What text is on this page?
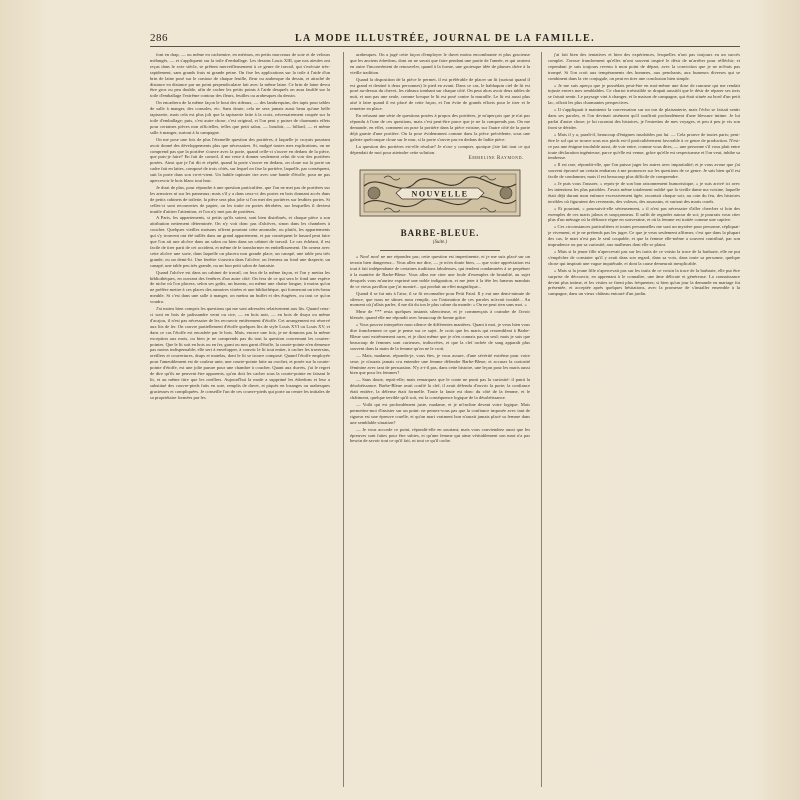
286	LA MODE ILLUSTRÉE, JOURNAL DE LA FAMILLE.

font en drap, — ou même en cachemire, en mérinos, en petits morceaux de soie et de velours mélangés, — et s'appliquent sur la toile d'emballage. Les dessins Louis XIII, que nos aïeules ont reçus dans le xvie siècle, se prêtent merveilleusement à ce genre de travail, qui s'exécute très-rapidement, sans grands frais ni grande peine. On fixe les applications sur la toile à l'aide d'un brin de laine posé sur le contour de chaque feuille, fleur ou arabesque du dessin, et attaché de distance en distance par un point perpendiculaire fait avec la même laine. Ce brin de laine devra être gros ou peu double, afin de cacher les petits points à l'aide desquels on aura faufilé sur la toile d'emballage l'extrême contour des fleurs, feuilles ou arabesques du dessin.

On encadrera de la même façon le bout des rideaux, — des lambrequins, des tapis pour tables de salle à manger, des consoles, etc. Sans doute, cela ne sera jamais aussi beau qu'une belle tapisserie, mais cela est plus joli que la tapisserie faite à la croix, nécessairement coupée sur la toile d'emballage; puis, c'est autre chose, c'est original, et l'on peut y puiser de charmants effets pour certaines pièces non officielles, telles que petit salon, — boudoir, — billard, — et même salle à manger, surtout à la campagne.

On me pose une fois de plus l'éternelle question des portières, à laquelle je croyais pourtant avoir donné des développements plus que nécessaires. Si, malgré toutes mes explications, on ne comprend pas que la portière s'ouvre avec la porte, quand celle-ci s'ouvre en dedans de la pièce, que puis-je faire? En fait de conseil, il me reste à donner seulement celui de voir des portières posées. Ainsi que je l'ai dit et répété, quand la porte s'ouvre en dedans, on cloue sur la porte un cadre fait en lattes, composé de trois côtés, sur lequel on fixe la portière, laquelle, par conséquent, suit la porte dans son va-et-vient. Un habile tapissier tire avec une bande d'étoffe, pour ne pas apercevoir le bois blanc tout brut.

Je dirai de plus, pour répondre à une question particulière, que l'on ne met pas de portières sur les armoires ni sur les panneaux; mais s'il y a dans ceux-ci des portes en bois donnant accès dans de petits cabinets de toilette, la pièce sera plus jolie si l'on met des portières sur lesdites portes. Si celles-ci sont recouvertes de papier, on les traite en portes dérobées, sur lesquelles il devient inutile d'attirer l'attention, et l'on n'y met pas de portières.

A Paris, les appartements, si petits qu'ils soient, sont bien distribués, et chaque pièce a son attribution nettement déterminée. On n'y voit donc pas d'alcôves, sinon dans les chambres à coucher. Quelques vieilles maisons offrent pourtant cette anomalie, ou plutôt, les appartements qui s'y trouvent ont été taillés dans un grand appartement, et par conséquent le hasard peut faire que l'on ait une alcôve dans un salon ou bien dans un cabinet de travail. Le cas échéant, il est facile de tirer parti de cet accident, et même de le transformer en embellissement. On ornera avec cette alcôve une sorte, dans laquelle on placera non grande place, un canapé, une table peu très grande, ou un demi-lit. Une fenêtre s'ouvrira dans l'alcôve; on fermera au fond une draperie, un canapé, une table peu très grande, ou un bon petit salon de fantaisie.

Quand l'alcôve est dans un cabinet de travail, on fera de la même façon, et l'on y mettra les bibliothèques, en ouvrant des fenêtres d'un autre côté. On fera de ce qui sera le fond une espèce de niche où l'on placera, selon ses goûts, un bureau, ou même une chaise longue, à moins qu'on ne préfère mettre à ces places des armoires vitrées et une bibliothèque, qui formeront un très-beau meuble. Si c'est dans une salle à manger, on mettra un buffet et des étagères, ou tout ce qu'on voudra.

J'ai moins bien compris les questions qui me sont adressées relativement aux lits. Quand ceux-ci sont en bois de palissandre verni ou cire, — en bois noir, — en bois de thuya ou même d'acajou, il n'est pas nécessaire de les recouvrir entièrement d'étoffe. Cet arrangement est réservé aux lits de fer. On couvre partiellement d'étoffe quelques lits de style Louis XVI ou Louis XV, et dans ce cas l'étoffe est encadrée par le bois. Mais, encore une fois, je ne donnons pas la même exception aux mots, ou bien je ne comprends pas du tout la question concernant les courtes-pointes. Que le lit soit en bois ou en fer, garni ou non garni d'étoffe, la courte-pointe n'en demeure pas moins indispensable; elle sert à envelopper, à couvrir le lit tout entier, à cacher les traversins, oreillers et couvertures, draps et matelas, dont le lit se trouve composé. Quand l'étoffe employée pour l'ameublement est de couleur unie, une courte-pointe faite au crochet, et posée sur la courte-pointe d'étoffe, est une jolie parure pour une chambre à coucher. Quant aux duvets, j'ai le regret de dire qu'ils ne peuvent être apparents, qu'on doit les cacher sous la courte-pointe en faisant le lit, et au même titre que les oreillers. Aujourd'hui la mode a supprimé les édredons et leur a substitué des couvre-pieds faits en soie, remplis de duvet, et piqués en losanges ou arabesques gracieuses et compliquées. Je conseille l'un de ces couvre-pieds qui porte au centre les initiales de sa propriétaire formées par les

arabesques. On a jugé cette façon d'employer le duvet moins encombrante et plus gracieuse que les anciens édredons, dont on ne savait que faire pendant une partie de l'année, et qui avaient en outre l'inconvénient de renouveler, quand à la forme, une grotesque idée de plumes chère à la vieille tradition.

Quand la disposition de la pièce le permet, il est préférable de placer un lit (surtout quand il est grand et destiné à deux personnes) le pied en avant. Dans ce cas, le baldaquin ciel de lit est posé au-dessus du chevet, les rideaux tombant sur chaque côté. On peut alors avoir deux tables de nuit, et non pas une seule, comme lorsque le lit est posé contre la muraille. Le lit est aussi plus aisé à faire quand il est placé de cette façon, et l'on évite de grands efforts pour le tirer et le remettre en place.

En refusant une série de questions posées à propos des portières, je m'aperçois que je n'ai pas répondu à l'une de ces questions, mais c'est peut-être parce que je ne la comprends pas. On me demande, en effet, comment on pose la portière dans la pièce voisine, sur l'autre côté de la porte déjà garnie d'une portière. On la pose évidemment comme dans la pièce précédente, sous une galerie quelconque cloue sur le mur, si la porte s'ouvre pas en dedans de ladite pièce.

La question des portières est-elle résolue? Je n'ose y compter, quoique j'aie fait tout ce qui dépendait de moi pour atteindre cette solution.

Emmeline Raymond.
NOUVELLE
BARBE-BLEUE.
(Suite.)

« Non! non! ne me répondez pas; cette question est impertinente, et je me suis placé sur un terrain bien dangereux... Vous allez me dire, — je m'en doute bien, — que votre appréciation est tout à fait indépendante de certaines traditions fabuleuses, qui tendent condamnées à se perpétuer à la manière de Barbe-Bleue. Vous allez me citer une foule d'exemples de brutalité, au sujet desquels vous m'auriez exprimé une noble indignation, et me jeter à la tête les fameux mandats de ce vieux pavillon que j'ai montré... qui produit un effet magnifique...

Quand il se fut mis à l'aise, il se fit reconnaître pour Petit Fatal. Il y eut une demi-minute de silence, que nous ne sûmes nous remplir, car l'intonation de ces paroles m'avait troublé... Au moment où j'allais parler, il me dit du ton le plus calme du monde: « On ne peut rien sans moi. »

Mme de *** resta quelques instants silencieuse, et je commençais à craindre de l'avoir blessée, quand elle me répondit avec beaucoup de bonne grâce:

« Vous pouvez interpréter mon silence de différentes manières. Quant à moi, je veux bien vous dire franchement ce que je pense sur ce sujet. Je crois que les maris qui ressemblent à Barbe-Bleue sont extrêmement rares, et je dirai même que je n'en connais pas un seul; mais je sais que beaucoup de femmes sont curieuses, indiscrètes, et que la clef tachée de sang apparaît plus souvent dans la main de la femme qu'on ne le croit.

— Mais, madame, répondis-je, vous êtes, je vous assure, d'une sévérité extrême pour votre sexe; je n'aurais jamais cru entendre une femme défendre Barbe-Bleue, et accuser la curiosité féminine avec tant de persuasion. N'y a-t-il pas, dans cette histoire, une leçon pour les maris aussi bien que pour les femmes?

— Sans doute, reprit-elle; mais remarquez que le conte ne punit pas la curiosité: il punit la désobéissance. Barbe-Bleue avait confié la clef, il avait défendu d'ouvrir la porte; la confiance était entière, la défense était formelle. Toute la faute est donc du côté de la femme, et le châtiment, quelque terrible qu'il soit, est la conséquence logique de la désobéissance.

— Voilà qui est profondément juste, madame, et je m'incline devant votre logique. Mais permettez-moi d'insister sur un point: ne pensez-vous pas que la confiance imposée avec tant de rigueur est une épreuve cruelle, et qu'un mari vraiment bon n'aurait jamais placé sa femme dans une semblable situation?

— Je vous accorde ce point, répondit-elle en souriant; mais vous conviendrez aussi que les épreuves sont faites pour être subies, et qu'une femme qui aime véritablement son mari n'a pas besoin de savoir tout ce qu'il fait, ni tout ce qu'il cache.

j'ai fait bien des tentatives et bien des expériences, lesquelles n'ont pas toujours eu un succès complet. J'avoue franchement qu'elles m'ont souvent inspiré le désir de m'arrêter pour réfléchir; et cependant je suis toujours revenu à mon point de départ, avec la conviction que je ne m'étais pas trompé. Si l'on croit aux tempéraments des hommes, aux penchants, aux humeurs diverses qui se combinent dans la vie conjugale, on peut en tirer une conclusion bien simple.

« Je me suis aperçu que je possédais peut-être en moi-même une dose de rancune qui me rendait injuste envers mes semblables. Ce chariot irrésistible se drapait aussitôt que le désir de réparer ses torts se faisait sentir. Le paysage vint à changer, et la maison de campagne, qui était située au bord d'un petit lac, offrait les plus charmantes perspectives.

« Il s'appliquait à maintenir la conversation sur un ton de plaisanterie, mais l'écho se faisait sentir dans ses paroles, et l'on devinait aisément qu'il souffrait profondément d'une blessure intime. Je lui parlai d'autre chose; je lui racontai des histoires, je l'entretins de mes voyages, et peu à peu je vis son front se dérider.

« Mais il y a, paraît-il, beaucoup d'énigmes insolubles par lui. — Cela prouve de toutes parts; peut-être le sol qui se trouve sous nos pieds est-il particulièrement favorable à ce genre de production. N'est-ce pas une énigme insoluble aussi, de voir entre, comme vous dites, — une personne s'il vous plait entre toute déclaration ingénieuse, parce qu'elle est venue, grâce qu'elle est respectueuse et l'on veut, inhibe sa tendresse.

« Il est rare, répondit-elle, que l'on puisse juger les autres avec impartialité; et je vous avoue que j'ai souvent éprouvé un certain embarras à me prononcer sur les questions de ce genre. Je sais bien qu'il est facile de condamner, mais il est beaucoup plus difficile de comprendre.

« Je puis vous l'assurer, » repris-je de son bon raisonnement humoristique, « je suis arrivé ici avec les intentions les plus paisibles. J'avais même totalement oublié que la vieille dame ma voisine, laquelle était déjà durant mon enfance excessivement âgée, racontait chaque soir, au coin du feu, des histoires terribles où figuraient des revenants, des voleurs, des assassins, et surtout des maris cruels.

« Et pourtant, » poursuivit-elle sérieusement, « il n'est pas nécessaire d'aller chercher si loin des exemples de ces maris jaloux et soupçonneux. Il suffit de regarder autour de soi; je pourrais vous citer plus d'un ménage où la défiance règne en souveraine, et où la femme est traitée comme une captive.

« Ces circonstances particulières et toutes personnelles me sont un mystère pour personne, répliquai-je vivement, et je ne prétends pas les juger. Ce que je veux seulement affirmer, c'est que dans la plupart des cas, le mari n'est pas le seul coupable, et que la femme elle-même a souvent contribué, par son imprudence ou par sa curiosité, aux malheurs dont elle se plaint.

« Mais si la jeune fille n'apercevait pas sur les traits de ce voisin la trace de la barbarie, elle ne put s'empêcher de constater qu'il y avait dans son regard, dans sa voix, dans toute sa personne, quelque chose qui inspirait une vague inquiétude, et dont la cause demeurait inexplicable.

« Mais si la jeune fille n'apercevait pas sur les traits de ce voisin la trace de la barbarie, elle put être surprise de découvrir, en apprenant à le connaître, une âme délicate et généreuse. La connaissance devint plus intime, et les visites se firent plus fréquentes; si bien qu'un jour la demande en mariage fut présentée, et acceptée après quelques hésitations, avec la promesse de s'installer ensemble à la campagne, dans un vieux château entouré d'un jardin.
